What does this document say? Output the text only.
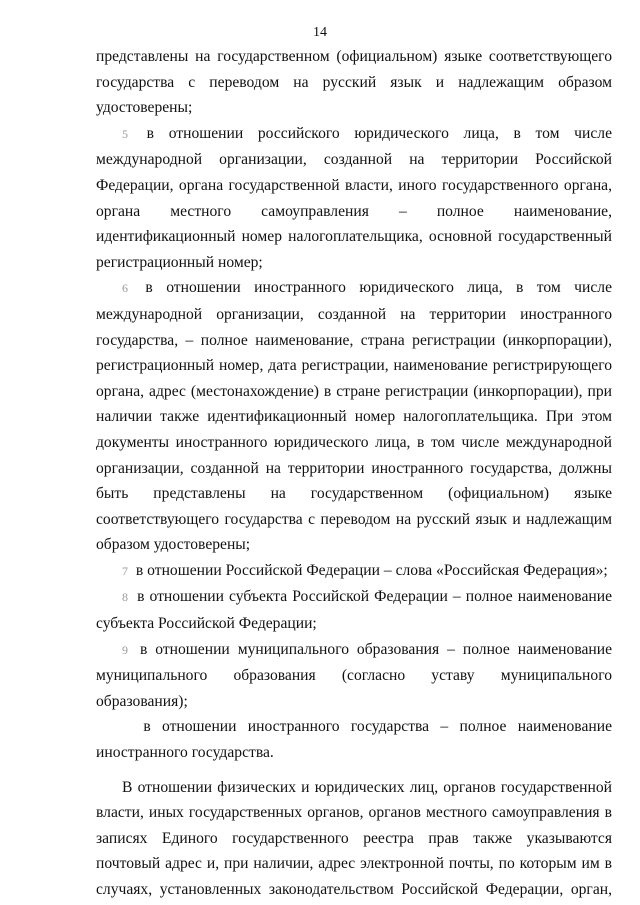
14

представлены на государственном (официальном) языке соответствующего государства с переводом на русский язык и надлежащим образом удостоверены;

5 в отношении российского юридического лица, в том числе международной организации, созданной на территории Российской Федерации, органа государственной власти, иного государственного органа, органа местного самоуправления – полное наименование, идентификационный номер налогоплательщика, основной государственный регистрационный номер;

6 в отношении иностранного юридического лица, в том числе международной организации, созданной на территории иностранного государства, – полное наименование, страна регистрации (инкорпорации), регистрационный номер, дата регистрации, наименование регистрирующего органа, адрес (местонахождение) в стране регистрации (инкорпорации), при наличии также идентификационный номер налогоплательщика. При этом документы иностранного юридического лица, в том числе международной организации, созданной на территории иностранного государства, должны быть представлены на государственном (официальном) языке соответствующего государства с переводом на русский язык и надлежащим образом удостоверены;

7 в отношении Российской Федерации – слова «Российская Федерация»;

8 в отношении субъекта Российской Федерации – полное наименование субъекта Российской Федерации;

9 в отношении муниципального образования – полное наименование муниципального образования (согласно уставу муниципального образования);

в отношении иностранного государства – полное наименование иностранного государства.

В отношении физических и юридических лиц, органов государственной власти, иных государственных органов, органов местного самоуправления в записях Единого государственного реестра прав также указываются почтовый адрес и, при наличии, адрес электронной почты, по которым им в случаях, установленных законодательством Российской Федерации, орган,
